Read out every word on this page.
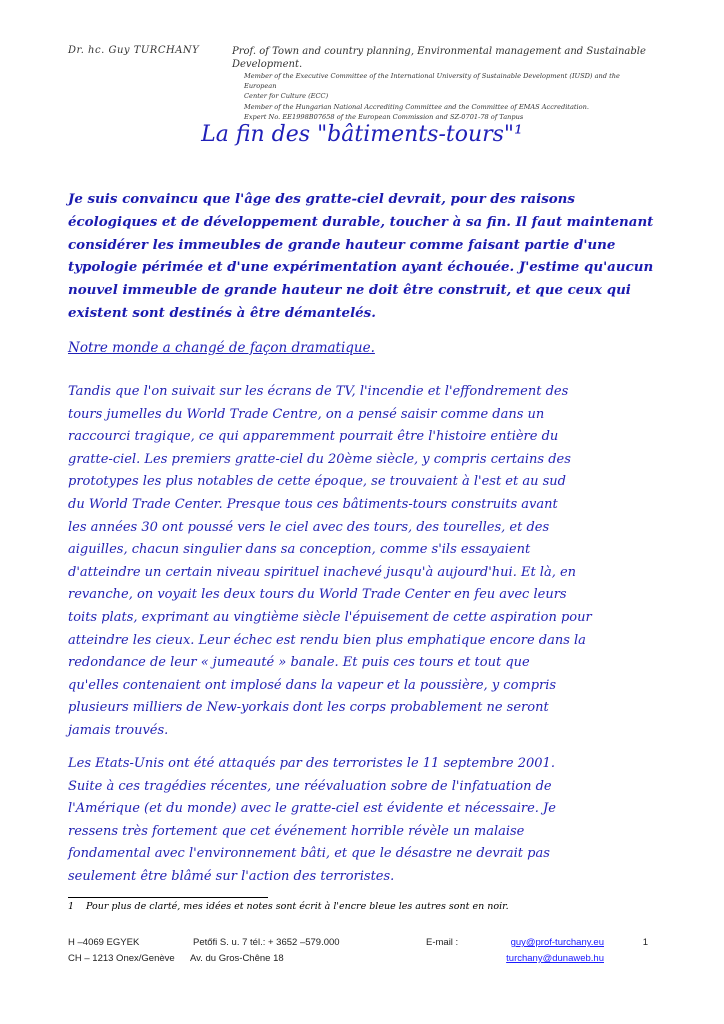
Dr. hc. Guy TURCHANY	Prof. of Town and country planning, Environmental management and Sustainable Development.
Member of the Executive Committee of the International University of Sustainable Development (IUSD) and the European
Center for Culture (ECC)
Member of the Hungarian National Accrediting Committee and the Committee of EMAS Accreditation.
Expert No. EE1998B07658 of the European Commission and SZ-0701-78 of Tanpus
La fin des "bâtiments-tours"¹
Je suis convaincu que l'âge des gratte-ciel devrait, pour des raisons
écologiques et de développement durable, toucher à sa fin. Il faut maintenant
considérer les immeubles de grande hauteur comme faisant partie d'une
typologie périmée et d'une expérimentation ayant échouée. J'estime qu'aucun
nouvel immeuble de grande hauteur ne doit être construit, et que ceux qui
existent sont destinés à être démantelés.
Notre monde a changé de façon dramatique.
Tandis que l'on suivait sur les écrans de TV, l'incendie et l'effondrement des
tours jumelles du World Trade Centre, on a pensé saisir comme dans un
raccourci tragique, ce qui apparemment pourrait être l'histoire entière du
gratte-ciel. Les premiers gratte-ciel du 20ème siècle, y compris certains des
prototypes les plus notables de cette époque, se trouvaient à l'est et au sud
du World Trade Center. Presque tous ces bâtiments-tours construits avant
les années 30 ont poussé vers le ciel avec des tours, des tourelles, et des
aiguilles, chacun singulier dans sa conception, comme s'ils essayaient
d'atteindre un certain niveau spirituel inachevé jusqu'à aujourd'hui. Et là, en
revanche, on voyait les deux tours du World Trade Center en feu avec leurs
toits plats, exprimant au vingtième siècle l'épuisement de cette aspiration pour
atteindre les cieux. Leur échec est rendu bien plus emphatique encore dans la
redondance de leur « jumeauté » banale. Et puis ces tours et tout que
qu'elles contenaient ont implosé dans la vapeur et la poussière, y compris
plusieurs milliers de New-yorkais dont les corps probablement ne seront
jamais trouvés.
Les Etats-Unis ont été attaqués par des terroristes le 11 septembre 2001.
Suite à ces tragédies récentes, une réévaluation sobre de l'infatuation de
l'Amérique (et du monde) avec le gratte-ciel est évidente et nécessaire. Je
ressens très fortement que cet événement horrible révèle un malaise
fondamental avec l'environnement bâti, et que le désastre ne devrait pas
seulement être blâmé sur l'action des terroristes.
1 Pour plus de clarté, mes idées et notes sont écrit à l'encre bleue les autres sont en noir.
H –4069 EGYEK	Petőfi S. u. 7 tél.: + 3652 –579.000	E-mail :	guy@prof-turchany.eu	1
CH – 1213 Onex/Genève Av. du Gros-Chêne 18	turchany@dunaweb.hu
